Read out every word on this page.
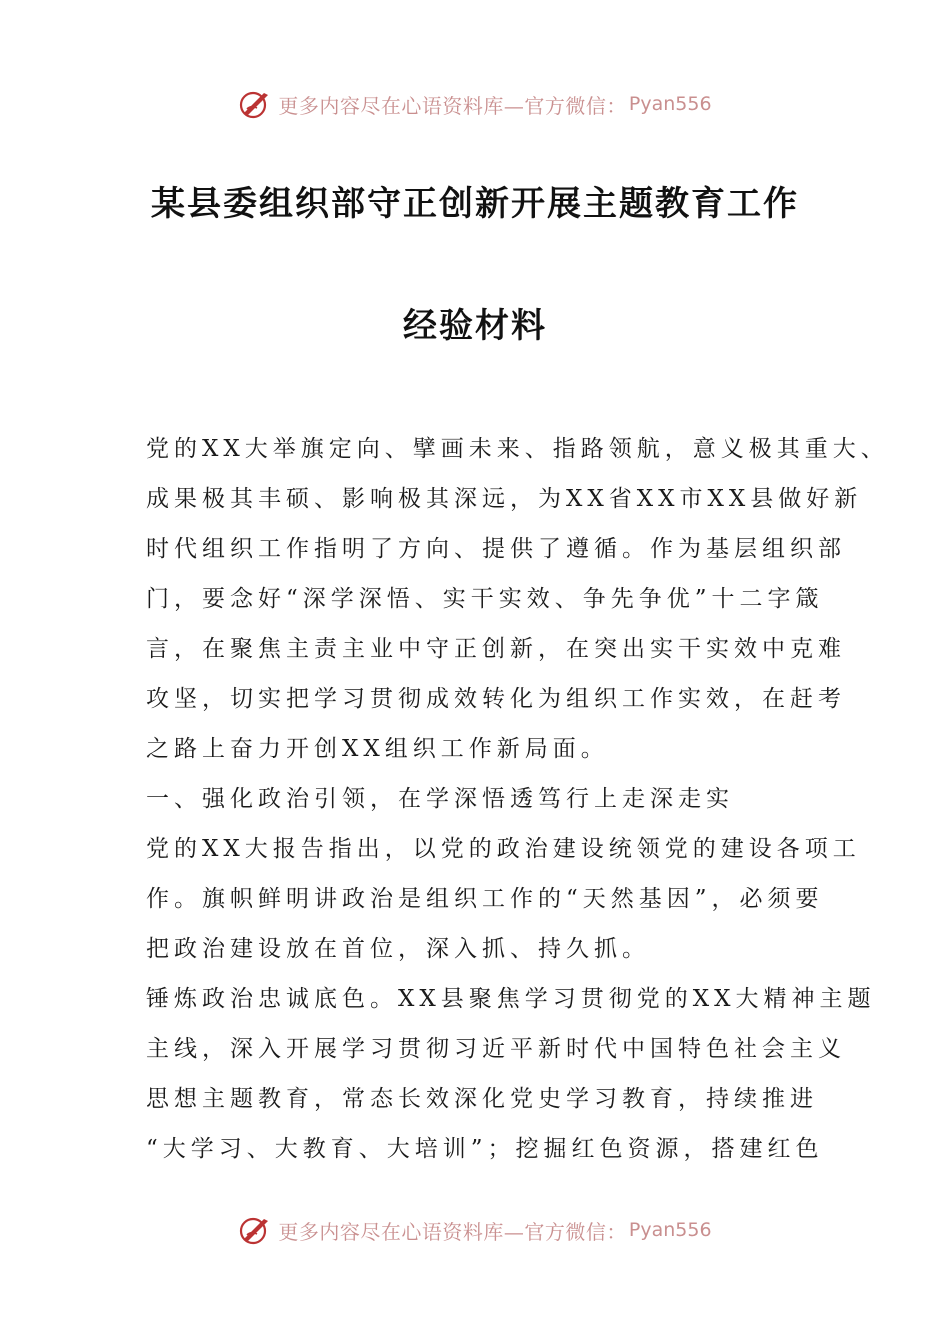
更多内容尽在心语资料库—官方微信： Pyan556
某县委组织部守正创新开展主题教育工作
经验材料

党的XX大举旗定向、擘画未来、指路领航，意义极其重大、

成果极其丰硕、影响极其深远，为XX省XX市XX县做好新

时代组织工作指明了方向、提供了遵循。作为基层组织部

门，要念好“深学深悟、实干实效、争先争优”十二字箴

言，在聚焦主责主业中守正创新，在突出实干实效中克难

攻坚，切实把学习贯彻成效转化为组织工作实效，在赶考

之路上奋力开创XX组织工作新局面。

一、强化政治引领，在学深悟透笃行上走深走实

党的XX大报告指出，以党的政治建设统领党的建设各项工

作。旗帜鲜明讲政治是组织工作的“天然基因”，必须要

把政治建设放在首位，深入抓、持久抓。

锤炼政治忠诚底色。XX县聚焦学习贯彻党的XX大精神主题

主线，深入开展学习贯彻习近平新时代中国特色社会主义

思想主题教育，常态长效深化党史学习教育，持续推进

“大学习、大教育、大培训”；挖掘红色资源，搭建红色

更多内容尽在心语资料库—官方微信： Pyan556
